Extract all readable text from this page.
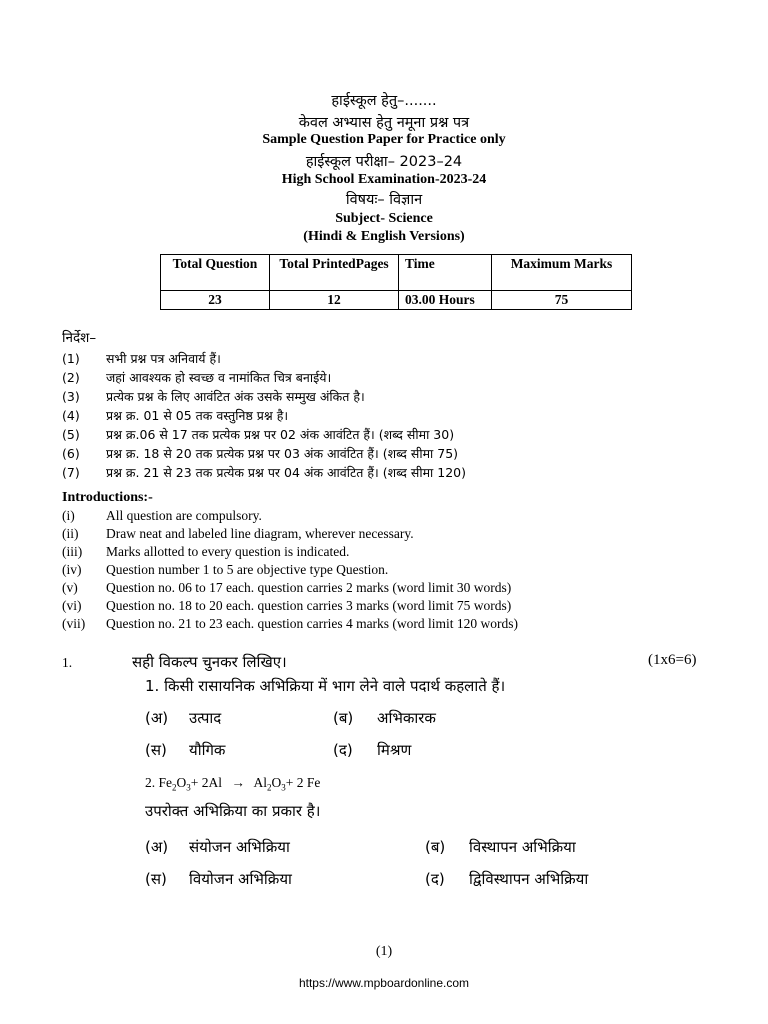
हाईस्कूल हेतु–.......
केवल अभ्यास हेतु नमूना प्रश्न पत्र
Sample Question Paper for Practice only
हाईस्कूल परीक्षा– 2023–24
High School Examination-2023-24
विषयः– विज्ञान
Subject- Science
(Hindi & English Versions)
Total Question	Total PrintedPages	Time	Maximum Marks
23	12	03.00 Hours	75
निर्देश–
(1) सभी प्रश्न पत्र अनिवार्य हैं।
(2) जहां आवश्यक हो स्वच्छ व नामांकित चित्र बनाईये।
(3) प्रत्येक प्रश्न के लिए आवंटित अंक उसके सम्मुख अंकित है।
(4) प्रश्न क्र. 01 से 05 तक वस्तुनिष्ठ प्रश्न है।
(5) प्रश्न क्र.06 से 17 तक प्रत्येक प्रश्न पर 02 अंक आवंटित हैं। (शब्द सीमा 30)
(6) प्रश्न क्र. 18 से 20 तक प्रत्येक प्रश्न पर 03 अंक आवंटित हैं। (शब्द सीमा 75)
(7) प्रश्न क्र. 21 से 23 तक प्रत्येक प्रश्न पर 04 अंक आवंटित हैं। (शब्द सीमा 120)
Introductions:-
(i) All question are compulsory.
(ii) Draw neat and labeled line diagram, wherever necessary.
(iii) Marks allotted to every question is indicated.
(iv) Question number 1 to 5 are objective type Question.
(v) Question no. 06 to 17 each. question carries 2 marks (word limit 30 words)
(vi) Question no. 18 to 20 each. question carries 3 marks (word limit 75 words)
(vii) Question no. 21 to 23 each. question carries 4 marks (word limit 120 words)
1.	सही विकल्प चुनकर लिखिए।	(1x6=6)
1. किसी रासायनिक अभिक्रिया में भाग लेने वाले पदार्थ कहलाते हैं।
(अ) उत्पाद	(ब) अभिकारक
(स) यौगिक	(द) मिश्रण
2. $Fe_2O_3+ 2Al \to Al_2O_3+ 2$ Fe
उपरोक्त अभिक्रिया का प्रकार है।
(अ) संयोजन अभिक्रिया	(ब) विस्थापन अभिक्रिया
(स) वियोजन अभिक्रिया	(द) द्विविस्थापन अभिक्रिया
(1)
https://www.mpboardonline.com
